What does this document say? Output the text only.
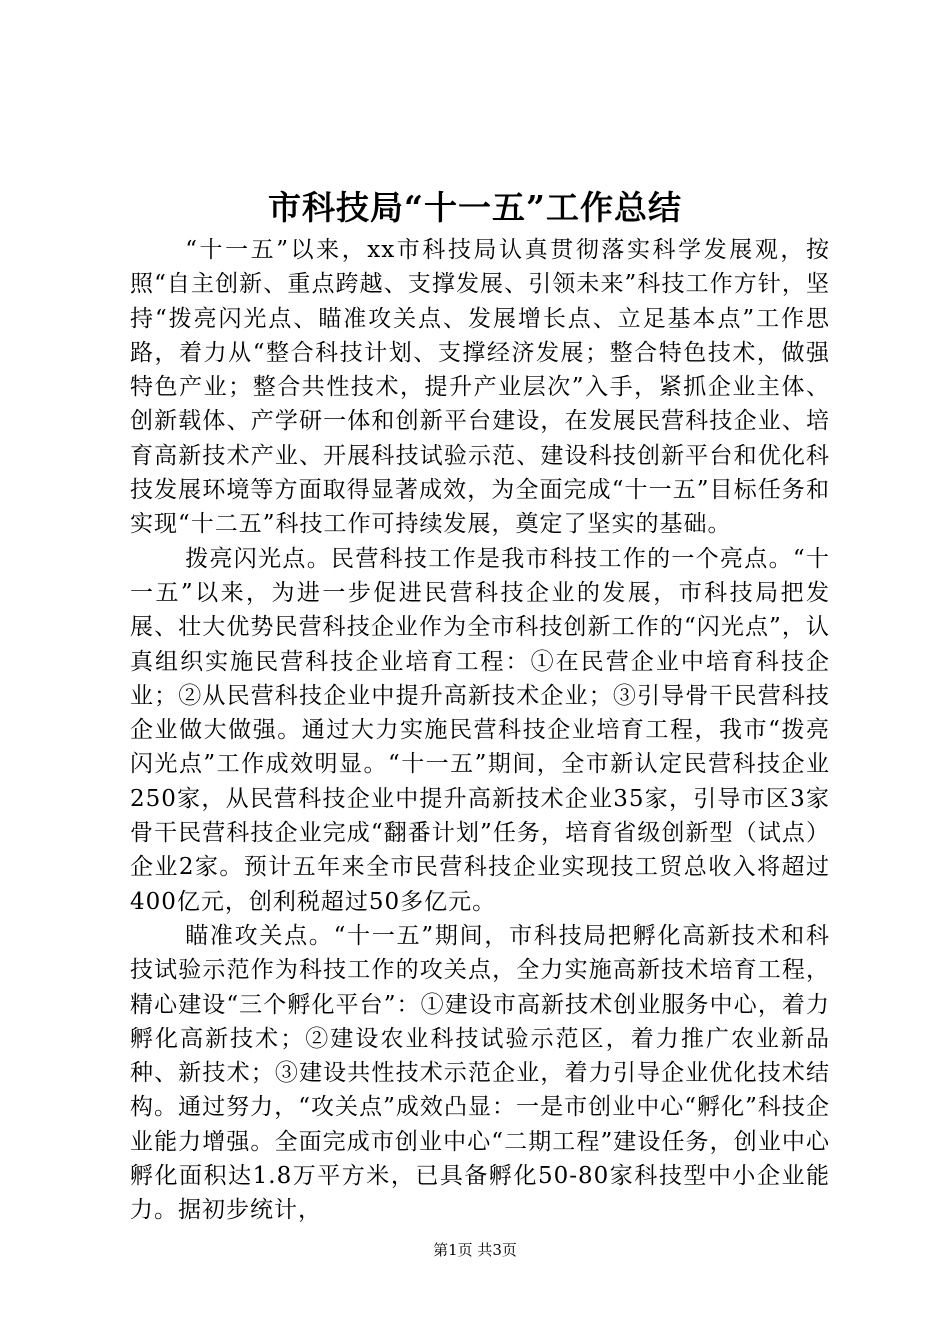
市科技局“十一五”工作总结

“十一五”以来，xx市科技局认真贯彻落实科学发展观，按照“自主创新、重点跨越、支撑发展、引领未来”科技工作方针，坚持“拨亮闪光点、瞄准攻关点、发展增长点、立足基本点”工作思路，着力从“整合科技计划、支撑经济发展；整合特色技术，做强特色产业；整合共性技术，提升产业层次”入手，紧抓企业主体、创新载体、产学研一体和创新平台建设，在发展民营科技企业、培育高新技术产业、开展科技试验示范、建设科技创新平台和优化科技发展环境等方面取得显著成效，为全面完成“十一五”目标任务和实现“十二五”科技工作可持续发展，奠定了坚实的基础。

拨亮闪光点。民营科技工作是我市科技工作的一个亮点。“十一五”以来，为进一步促进民营科技企业的发展，市科技局把发展、壮大优势民营科技企业作为全市科技创新工作的“闪光点”，认真组织实施民营科技企业培育工程：①在民营企业中培育科技企业；②从民营科技企业中提升高新技术企业；③引导骨干民营科技企业做大做强。通过大力实施民营科技企业培育工程，我市“拨亮闪光点”工作成效明显。“十一五”期间，全市新认定民营科技企业250家，从民营科技企业中提升高新技术企业35家，引导市区3家骨干民营科技企业完成“翻番计划”任务，培育省级创新型（试点）企业2家。预计五年来全市民营科技企业实现技工贸总收入将超过400亿元，创利税超过50多亿元。

瞄准攻关点。“十一五”期间，市科技局把孵化高新技术和科技试验示范作为科技工作的攻关点，全力实施高新技术培育工程，精心建设“三个孵化平台”：①建设市高新技术创业服务中心，着力孵化高新技术；②建设农业科技试验示范区，着力推广农业新品种、新技术；③建设共性技术示范企业，着力引导企业优化技术结构。通过努力，“攻关点”成效凸显：一是市创业中心“孵化”科技企业能力增强。全面完成市创业中心“二期工程”建设任务，创业中心孵化面积达1.8万平方米，已具备孵化50-80家科技型中小企业能力。据初步统计，

第1页 共3页
